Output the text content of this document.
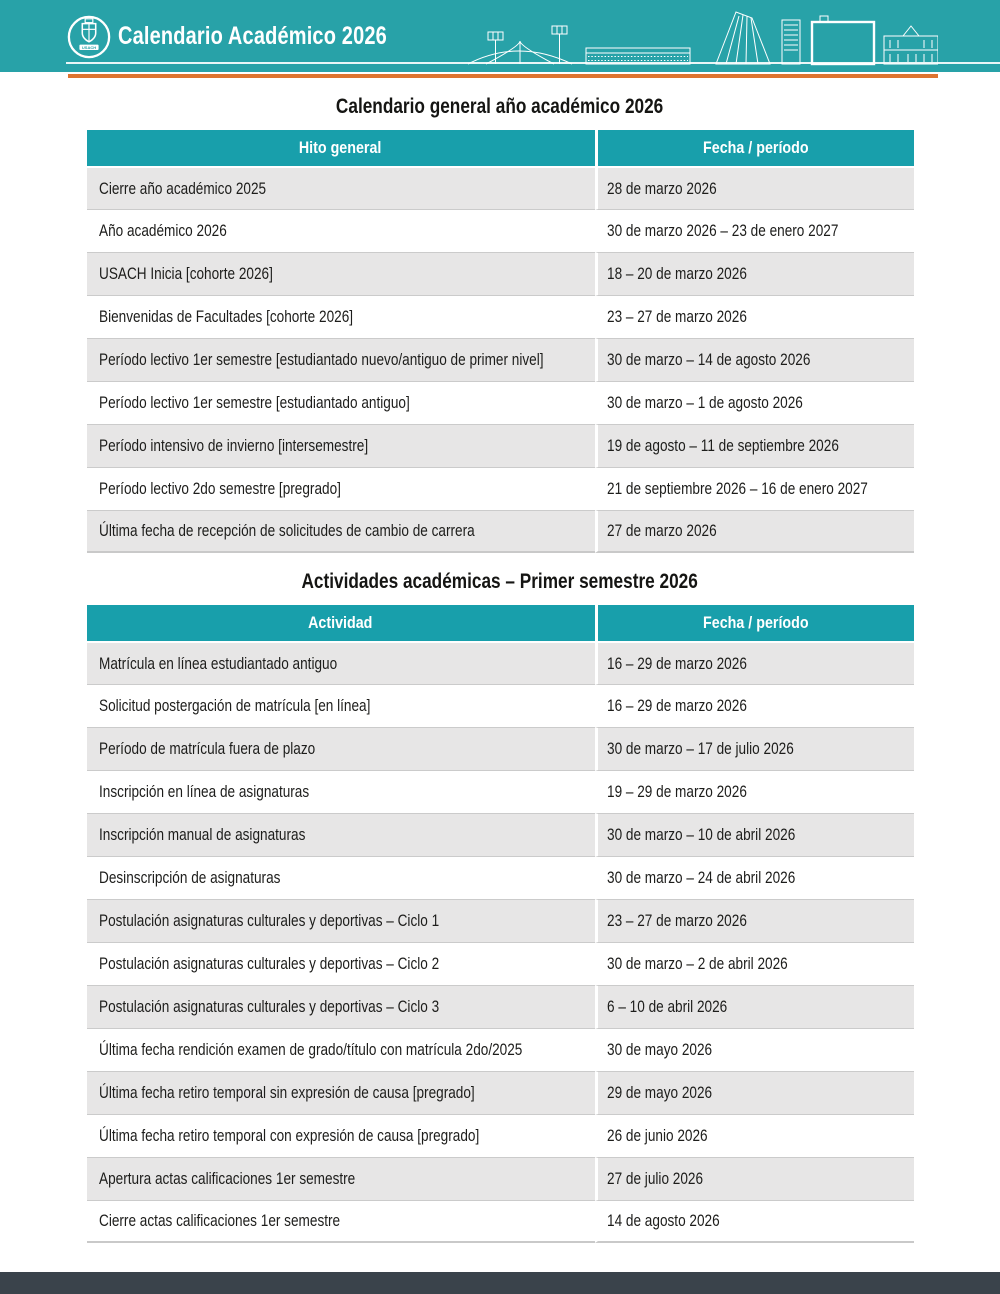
USACH Calendario Académico 2026
Calendario general año académico 2026
Hito general	Fecha / período
Cierre año académico 2025	28 de marzo 2026
Año académico 2026	30 de marzo 2026 – 23 de enero 2027
USACH Inicia [cohorte 2026]	18 – 20 de marzo 2026
Bienvenidas de Facultades [cohorte 2026]	23 – 27 de marzo 2026
Período lectivo 1er semestre [estudiantado nuevo/antiguo de primer nivel]	30 de marzo – 14 de agosto 2026
Período lectivo 1er semestre [estudiantado antiguo]	30 de marzo – 1 de agosto 2026
Período intensivo de invierno [intersemestre]	19 de agosto – 11 de septiembre 2026
Período lectivo 2do semestre [pregrado]	21 de septiembre 2026 – 16 de enero 2027
Última fecha de recepción de solicitudes de cambio de carrera	27 de marzo 2026
Actividades académicas – Primer semestre 2026
Actividad	Fecha / período
Matrícula en línea estudiantado antiguo	16 – 29 de marzo 2026
Solicitud postergación de matrícula [en línea]	16 – 29 de marzo 2026
Período de matrícula fuera de plazo	30 de marzo – 17 de julio 2026
Inscripción en línea de asignaturas	19 – 29 de marzo 2026
Inscripción manual de asignaturas	30 de marzo – 10 de abril 2026
Desinscripción de asignaturas	30 de marzo – 24 de abril 2026
Postulación asignaturas culturales y deportivas – Ciclo 1	23 – 27 de marzo 2026
Postulación asignaturas culturales y deportivas – Ciclo 2	30 de marzo – 2 de abril 2026
Postulación asignaturas culturales y deportivas – Ciclo 3	6 – 10 de abril 2026
Última fecha rendición examen de grado/título con matrícula 2do/2025	30 de mayo 2026
Última fecha retiro temporal sin expresión de causa [pregrado]	29 de mayo 2026
Última fecha retiro temporal con expresión de causa [pregrado]	26 de junio 2026
Apertura actas calificaciones 1er semestre	27 de julio 2026
Cierre actas calificaciones 1er semestre	14 de agosto 2026
